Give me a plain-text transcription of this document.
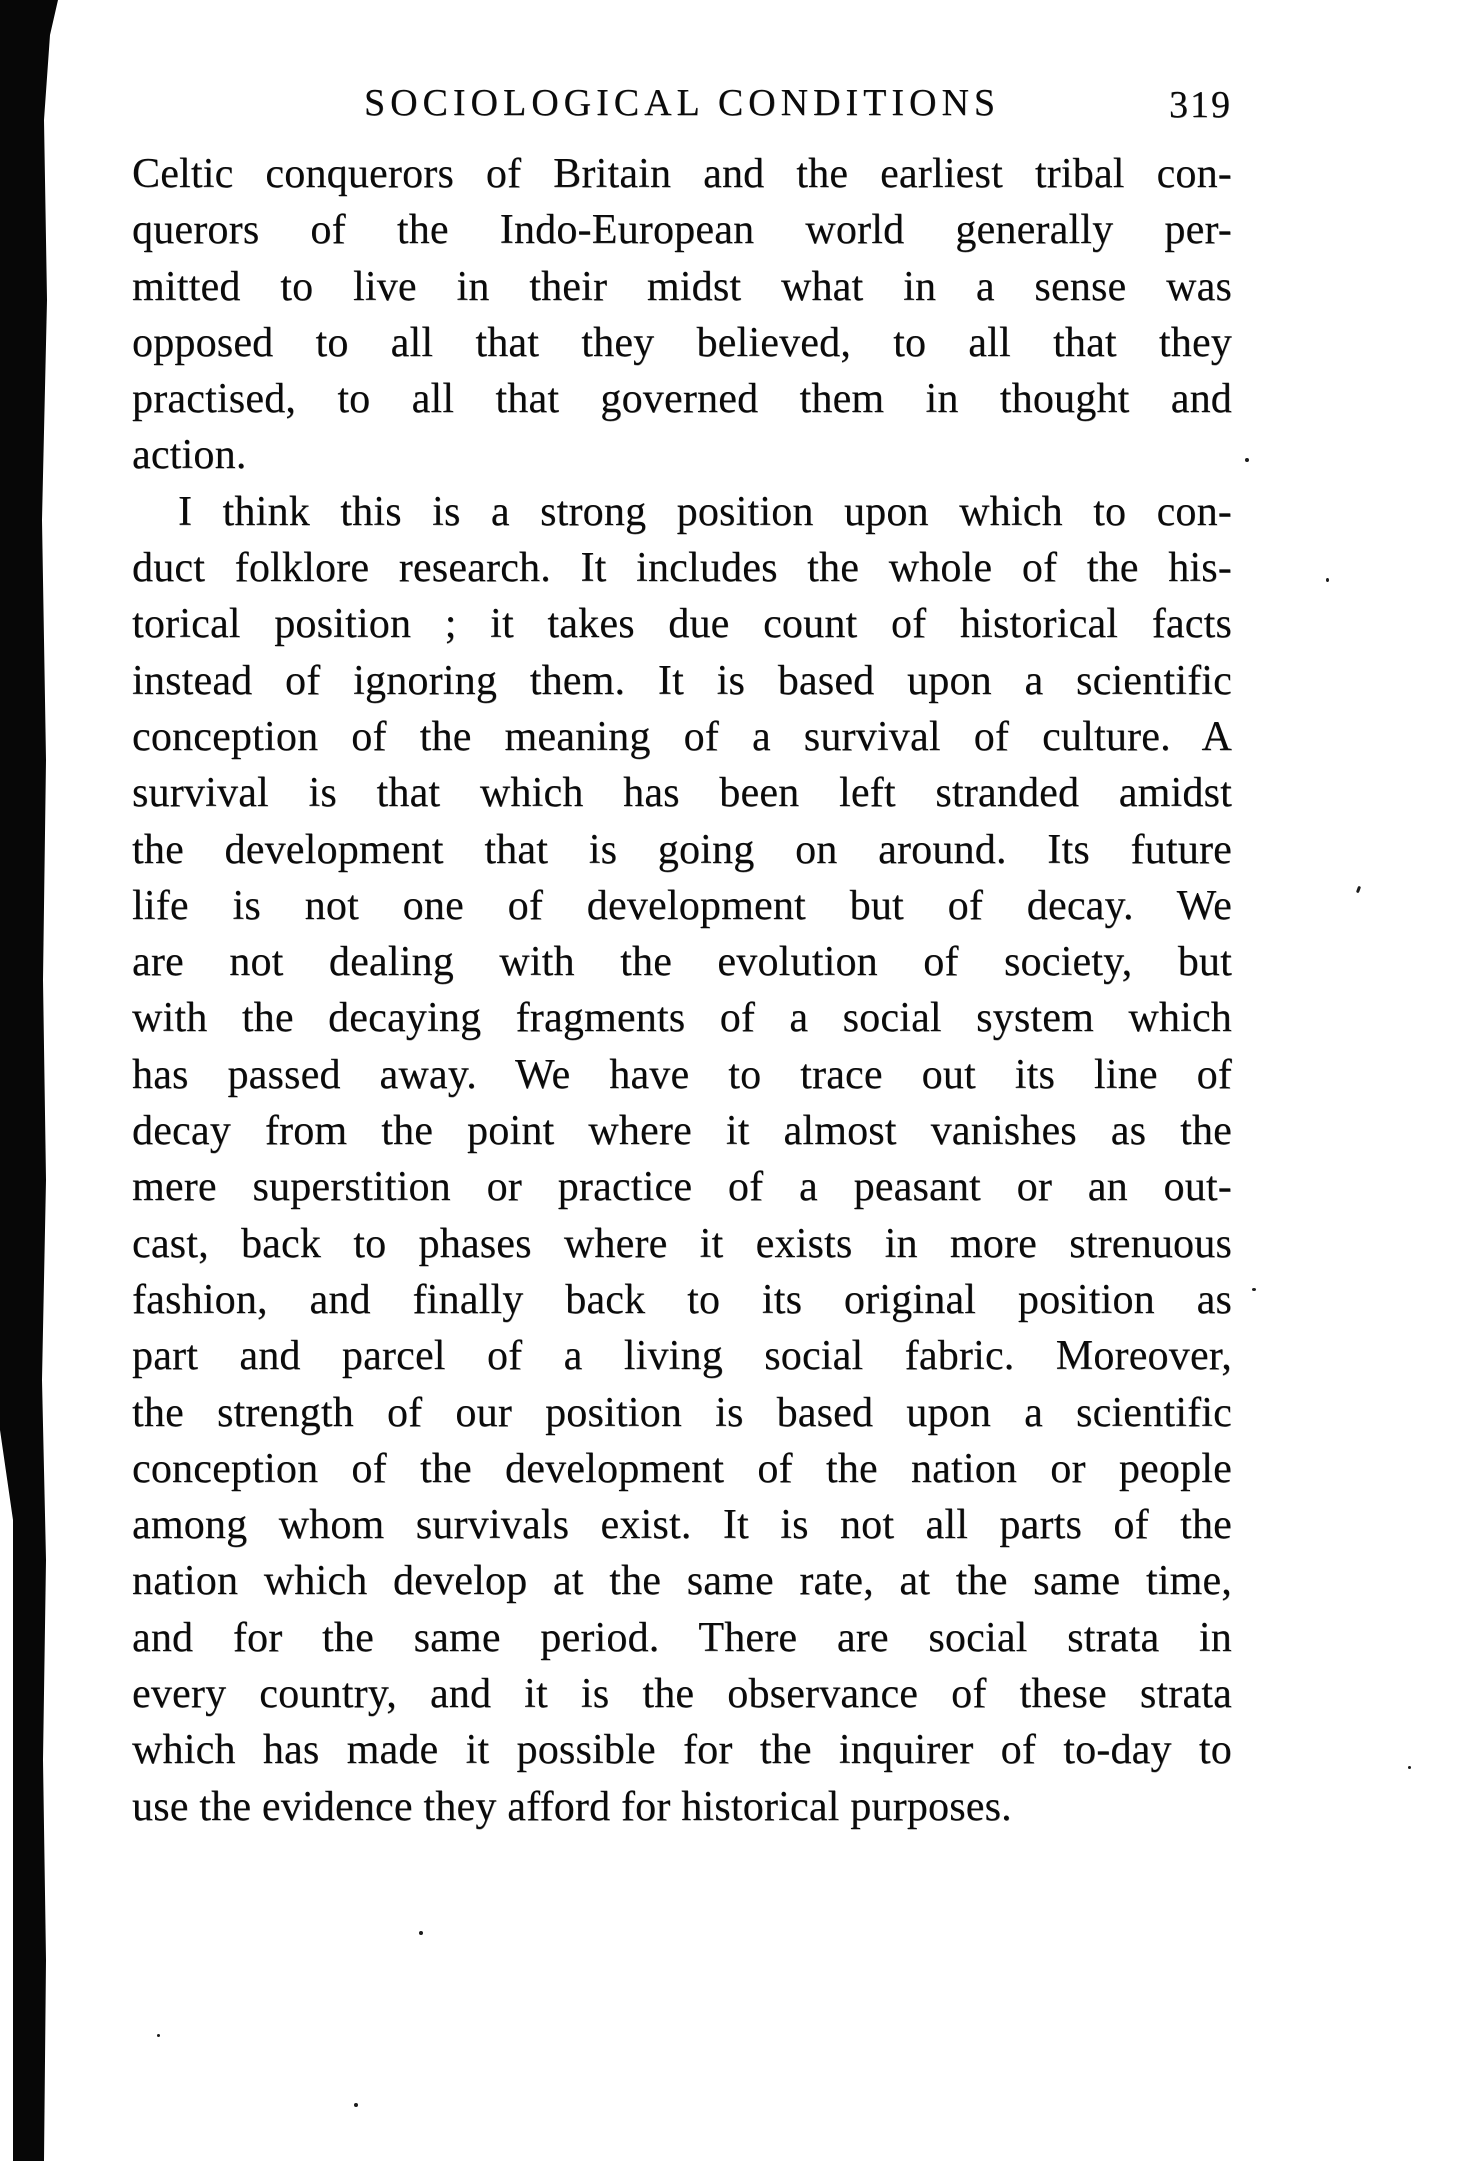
SOCIOLOGICAL CONDITIONS	319
Celtic conquerors of Britain and the earliest tribal con-
querors of the Indo-European world generally per-
mitted to live in their midst what in a sense was
opposed to all that they believed, to all that they
practised, to all that governed them in thought and
action.
I think this is a strong position upon which to con-
duct folklore research. It includes the whole of the his-
torical position ; it takes due count of historical facts
instead of ignoring them. It is based upon a scientific
conception of the meaning of a survival of culture. A
survival is that which has been left stranded amidst
the development that is going on around. Its future
life is not one of development but of decay. We
are not dealing with the evolution of society, but
with the decaying fragments of a social system which
has passed away. We have to trace out its line of
decay from the point where it almost vanishes as the
mere superstition or practice of a peasant or an out-
cast, back to phases where it exists in more strenuous
fashion, and finally back to its original position as
part and parcel of a living social fabric. Moreover,
the strength of our position is based upon a scientific
conception of the development of the nation or people
among whom survivals exist. It is not all parts of the
nation which develop at the same rate, at the same time,
and for the same period. There are social strata in
every country, and it is the observance of these strata
which has made it possible for the inquirer of to-day to
use the evidence they afford for historical purposes.
